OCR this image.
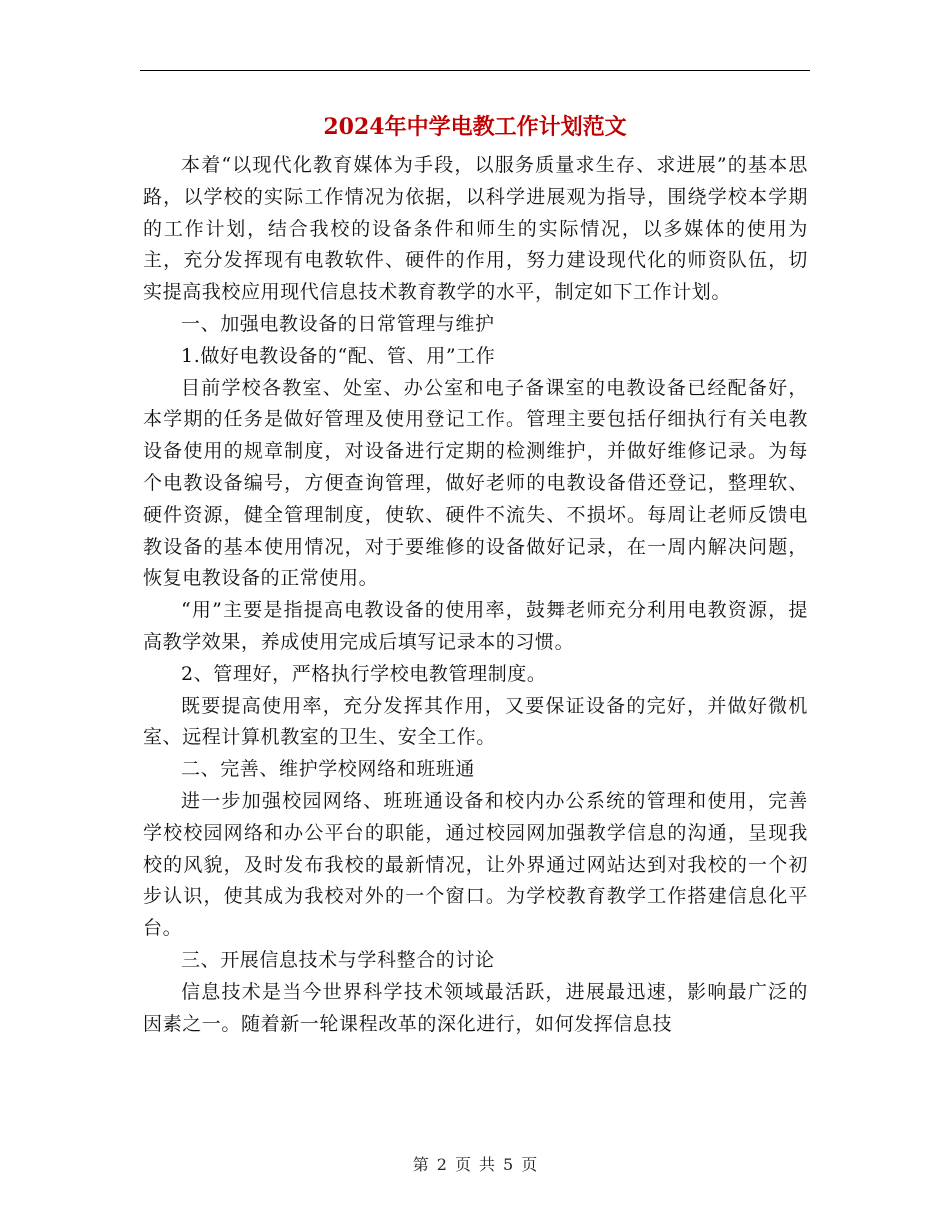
2024年中学电教工作计划范文

本着“以现代化教育媒体为手段，以服务质量求生存、求进展”的基本思路，以学校的实际工作情况为依据，以科学进展观为指导，围绕学校本学期的工作计划，结合我校的设备条件和师生的实际情况，以多媒体的使用为主，充分发挥现有电教软件、硬件的作用，努力建设现代化的师资队伍，切实提高我校应用现代信息技术教育教学的水平，制定如下工作计划。

一、加强电教设备的日常管理与维护

1.做好电教设备的“配、管、用”工作

目前学校各教室、处室、办公室和电子备课室的电教设备已经配备好，本学期的任务是做好管理及使用登记工作。管理主要包括仔细执行有关电教设备使用的规章制度，对设备进行定期的检测维护，并做好维修记录。为每个电教设备编号，方便查询管理，做好老师的电教设备借还登记，整理软、硬件资源，健全管理制度，使软、硬件不流失、不损坏。每周让老师反馈电教设备的基本使用情况，对于要维修的设备做好记录，在一周内解决问题，恢复电教设备的正常使用。

“用”主要是指提高电教设备的使用率，鼓舞老师充分利用电教资源，提高教学效果，养成使用完成后填写记录本的习惯。

2、管理好，严格执行学校电教管理制度。

既要提高使用率，充分发挥其作用，又要保证设备的完好，并做好微机室、远程计算机教室的卫生、安全工作。

二、完善、维护学校网络和班班通

进一步加强校园网络、班班通设备和校内办公系统的管理和使用，完善学校校园网络和办公平台的职能，通过校园网加强教学信息的沟通，呈现我校的风貌，及时发布我校的最新情况，让外界通过网站达到对我校的一个初步认识，使其成为我校对外的一个窗口。为学校教育教学工作搭建信息化平台。

三、开展信息技术与学科整合的讨论

信息技术是当今世界科学技术领域最活跃，进展最迅速，影响最广泛的因素之一。随着新一轮课程改革的深化进行，如何发挥信息技

第 2 页 共 5 页
